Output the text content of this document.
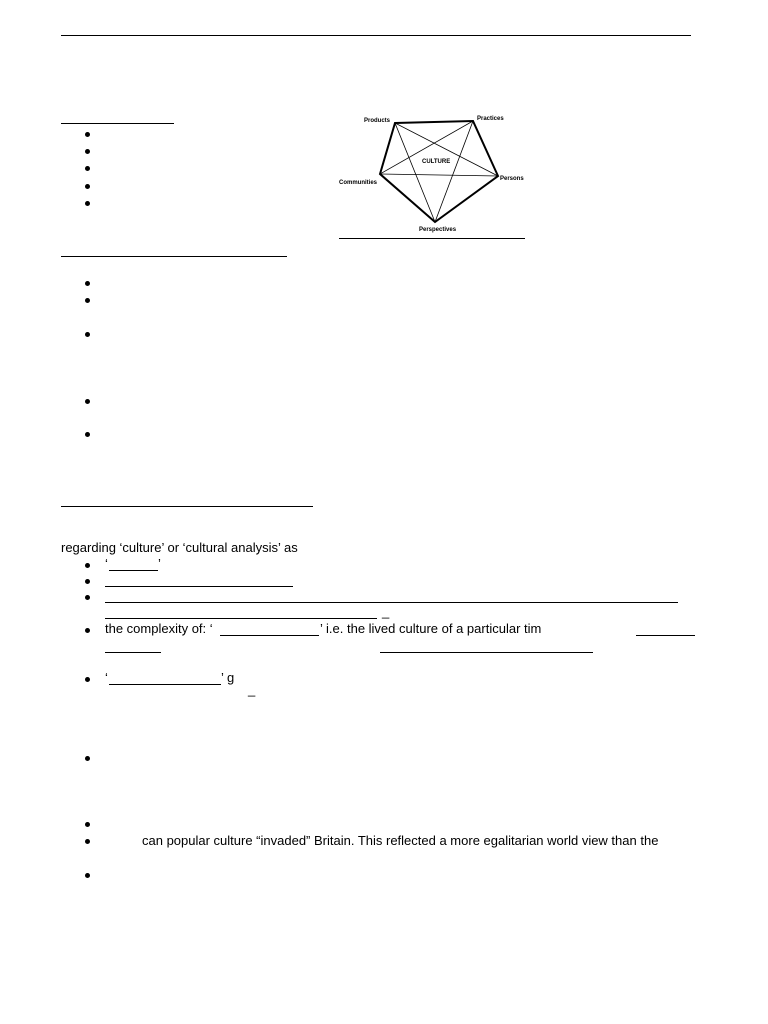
CULTURE
Products	Practices
Persons
Perspectives
Communities
regarding ‘culture’ or ‘cultural analysis’ as
‘	’
_
the complexity of: ‘	’ i.e. the lived culture of a particular tim
‘	’ g
_
can popular culture “invaded” Britain. This reflected a more egalitarian world view than the
